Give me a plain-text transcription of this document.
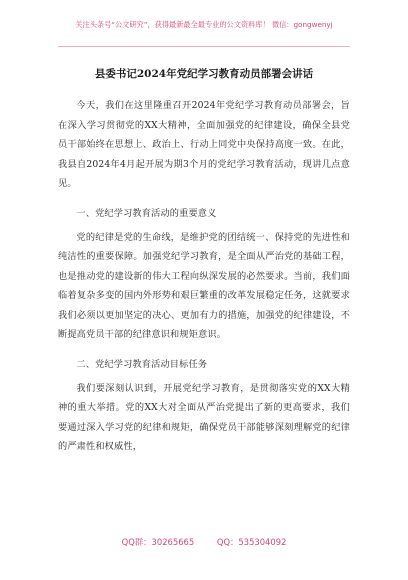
关注头条号“公文研究”，获得最新最全最专业的公文资料库！ 微信：gongwenyj
县委书记2024年党纪学习教育动员部署会讲话

今天，我们在这里隆重召开2024年党纪学习教育动员部署会，旨在深入学习贯彻党的XX大精神，全面加强党的纪律建设，确保全县党员干部始终在思想上、政治上、行动上同党中央保持高度一致。在此，我县自2024年4月起开展为期3个月的党纪学习教育活动，现讲几点意见。

一、党纪学习教育活动的重要意义

党的纪律是党的生命线，是维护党的团结统一、保持党的先进性和纯洁性的重要保障。加强党纪学习教育，是全面从严治党的基础工程，也是推动党的建设新的伟大工程向纵深发展的必然要求。当前，我们面临着复杂多变的国内外形势和艰巨繁重的改革发展稳定任务，这就要求我们必须以更加坚定的决心、更加有力的措施，加强党的纪律建设，不断提高党员干部的纪律意识和规矩意识。

二、党纪学习教育活动目标任务

我们要深刻认识到，开展党纪学习教育，是贯彻落实党的XX大精神的重大举措。党的XX大对全面从严治党提出了新的更高要求，我们要通过深入学习党的纪律和规矩，确保党员干部能够深刻理解党的纪律的严肃性和权威性，

QQ群：30265665	QQ：535304092
